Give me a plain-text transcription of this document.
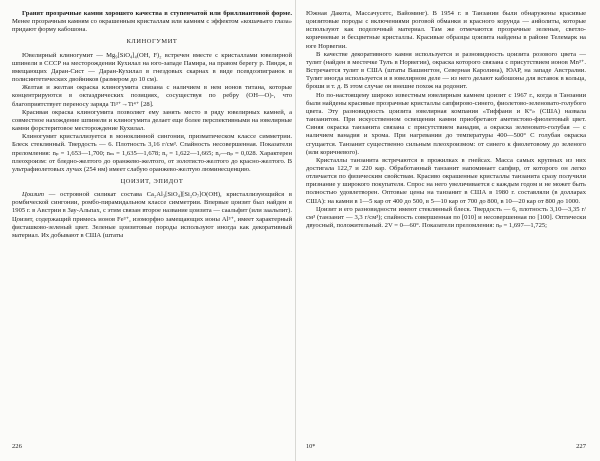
Гранят прозрачные камни хорошего качества в ступенчатой или бриллиантовой форме. Менее прозрачным камням со окрашенным кристаллам или камням с эффектом «кошачьего глаза» придают форму кабошона.

КЛИНОГУМИТ

Ювелирный клиногумит — Mg₉[SiO₄]₄(OH, F)₂ встречен вместе с кристаллами ювелирной шпинели в СССР на месторождении Кухилал на юго-западе Памира, на правом берегу р. Пяндж, в вмещающих Даран-Сист — Даран-Кухилал в гнездовых скарнах в виде псевдоэпигранок в полисинтетических двойников (размером до 10 см).

Желтая и желтая окраска клиногумита связана с наличием в нем ионов титана, которые концентрируются в октаэдрических позициях, сосуществуя по ребру (OH—O)-, что благоприятствует переносу заряда Ti³⁺→Ti⁴⁺ [28].

Красивая окраска клиногумита позволяет ему занять место в ряду ювелирных камней, а совместное нахождение шпинели и клиногумита делает еще более перспективными на ювелирные камни форстеритовое месторождение Кухилал.

Клиногумит кристаллизуется в моноклинной сингонии, призматическом классе симметрии. Блеск стеклянный. Твердость — 6. Плотность 3,16 г/см³. Спайность несовершенная. Показатели преломления: nₚ = 1,653—1,700; nₘ = 1,635—1,678; nᵧ = 1,622—1,665; nᵧ—nₚ = 0,028. Характерен плеохроизм: от бледно-желтого до оранжево-желтого, от золотисто-желтого до красно-желтого. В ультрафиолетовых лучах (254 нм) имеет слабую оранжево-желтую люминесценцию.

ЦОИЗИТ, ЭПИДОТ

Цоизит — островной силикат состава Ca₂Al₃[SiO₄][Si₂O₇]O(OH), кристаллизующийся в ромбической сингонии, ромбо-пирамидальном классе симметрии. Впервые цоизит был найден в 1905 г. в Австрии в Зау-Альпах, с этим связан второе название цоизита — саальфит (или заальпит). Цоизит, содержащий примесь ионов Fe³⁺, изоморфно замещающих ионы Al³⁺, имеет характерный фисташково-зеленый цвет. Зеленые цоизитовые породы используют иногда как декоративный материал. Их добывают в США (штаты

226

Южная Дакота, Массачусетс, Вайоминг). В 1954 г. в Танзании были обнаружены красивые цоизитовые породы с включениями роговой обманки и красного корунда — анйолиты, которые используют как поделочный материал. Там же отмечаются прозрачные зеленые, светло-коричневые и бесцветные кристаллы. Красивые образцы цоизита найдены в районе Телемарк на юге Норвегии.

В качестве декоративного камня используется и разновидность цоизита розового цвета — тулит (найден в местечке Тулъ в Норвегии), окраска которого связана с присутствием ионов Mn³⁺. Встречается тулит в США (штаты Вашингтон, Северная Каролина), ЮАР, на западе Австралии. Тулит иногда используется и в ювелирном деле — из него делают кабошоны для вставок в кольца, броши и т. д. В этом случае он внешне похож на родонит.

Но по-настоящему широко известным ювелирным камнем цоизит с 1967 г., когда в Танзании были найдены красивые прозрачные кристаллы сапфирово-синего, фиолетово-зеленовато-голубого цвета. Эту разновидность цоизита ювелирная компания «Тиффани и К°» (США) назвала танзанитом. При искусственном освещении камни приобретают аметистово-фиолетовый цвет. Синяя окраска танзанита связана с присутствием ванадия, а окраска зеленовато-голубая — с наличием ванадия и хрома. При нагревании до температуры 400—500° С голубая окраска сгущается. Танзанит существенно сильным плеохроизмом: от синего к фиолетовому до зеленого (или коричневого).

Кристаллы танзанита встречаются в прожилках в гнейсах. Масса самых крупных из них достигала 122,7 и 220 кар. Обработанный танзанит напоминает сапфир, от которого он легко отличается по физическим свойствам. Красиво окрашенные кристаллы танзанита сразу получили признание у широкого покупателя. Спрос на него увеличивается с каждым годом и не может быть полностью удовлетворен. Оптовые цены на танзанит в США в 1980 г. составляли (в долларах США): на камни в 1—5 кар от 400 до 500, в 5—10 кар от 700 до 800, в 10—20 кар от 800 до 1000.

Цоизит и его разновидности имеют стеклянный блеск. Твердость — 6, плотность 3,10—3,35 г/см³ (танзанит — 3,3 г/см³); спайность совершенная по [010] и несовершенная по [100]. Оптически двуосный, положительный. 2V = 0—60°. Показатели преломления: nₚ = 1,697—1,725;

10*	227
